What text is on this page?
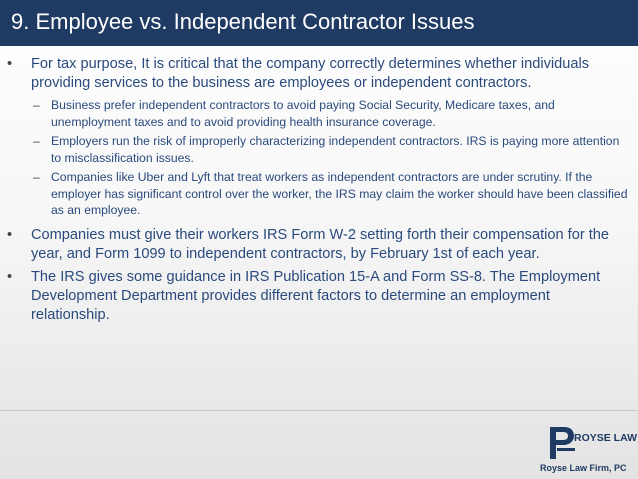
9. Employee vs. Independent Contractor Issues
• For tax purpose, It is critical that the company correctly determines whether individuals providing services to the business are employees or independent contractors.
– Business prefer independent contractors to avoid paying Social Security, Medicare taxes, and unemployment taxes and to avoid providing health insurance coverage.
– Employers run the risk of improperly characterizing independent contractors. IRS is paying more attention to misclassification issues.
– Companies like Uber and Lyft that treat workers as independent contractors are under scrutiny. If the employer has significant control over the worker, the IRS may claim the worker should have been classified as an employee.
• Companies must give their workers IRS Form W-2 setting forth their compensation for the year, and Form 1099 to independent contractors, by February 1st of each year.
• The IRS gives some guidance in IRS Publication 15-A and Form SS-8. The Employment Development Department provides different factors to determine an employment relationship.
ROYSE LAW
Royse Law Firm, PC
